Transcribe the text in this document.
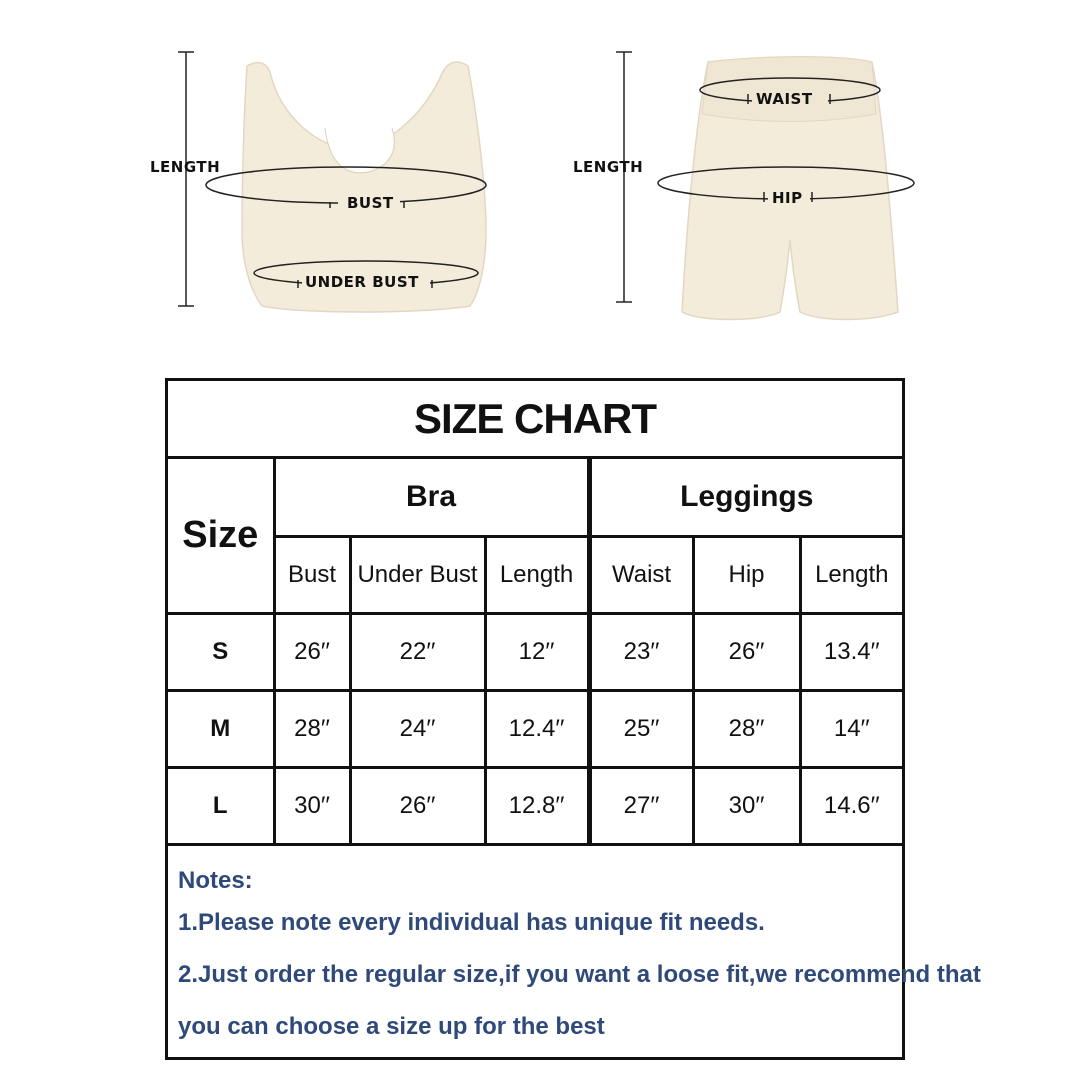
LENGTH
BUST
UNDER BUST
LENGTH
WAIST
HIP
SIZE CHART
Size	Bra			Leggings		
	Bust	Under Bust	Length	Waist	Hip	Length
S	26′′	22′′	12′′	23′′	26′′	13.4′′
M	28′′	24′′	12.4′′	25′′	28′′	14′′
L	30′′	26′′	12.8′′	27′′	30′′	14.6′′
Notes:
1.Please note every individual has unique fit needs.
2.Just order the regular size,if you want a loose fit,we recommend that
you can choose a size up for the best
